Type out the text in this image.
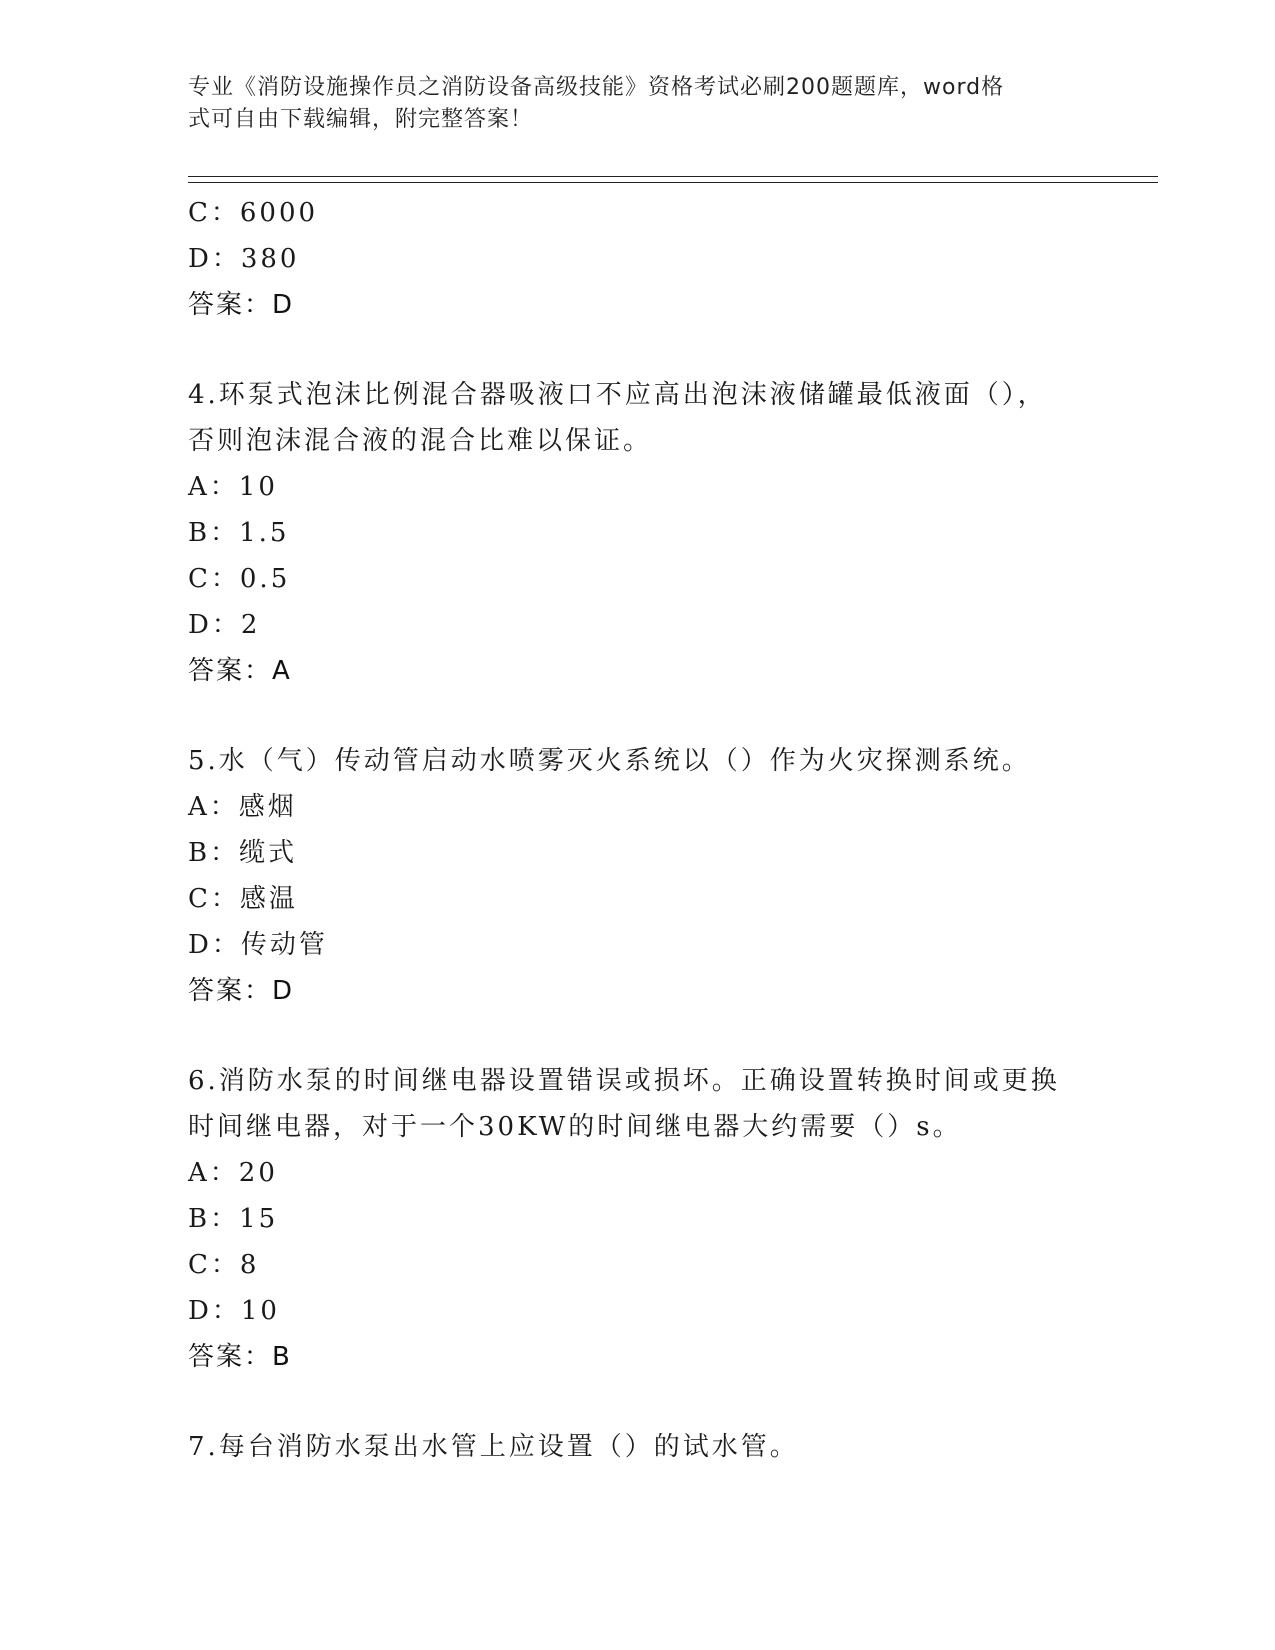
专业《消防设施操作员之消防设备高级技能》资格考试必刷200题题库，word格
式可自由下载编辑，附完整答案！
C：6000
D：380
答案：D
4.环泵式泡沫比例混合器吸液口不应高出泡沫液储罐最低液面（），
否则泡沫混合液的混合比难以保证。
A：10
B：1.5
C：0.5
D：2
答案：A
5.水（气）传动管启动水喷雾灭火系统以（）作为火灾探测系统。
A：感烟
B：缆式
C：感温
D：传动管
答案：D
6.消防水泵的时间继电器设置错误或损坏。正确设置转换时间或更换
时间继电器，对于一个30KW的时间继电器大约需要（）s。
A：20
B：15
C：8
D：10
答案：B
7.每台消防水泵出水管上应设置（）的试水管。
